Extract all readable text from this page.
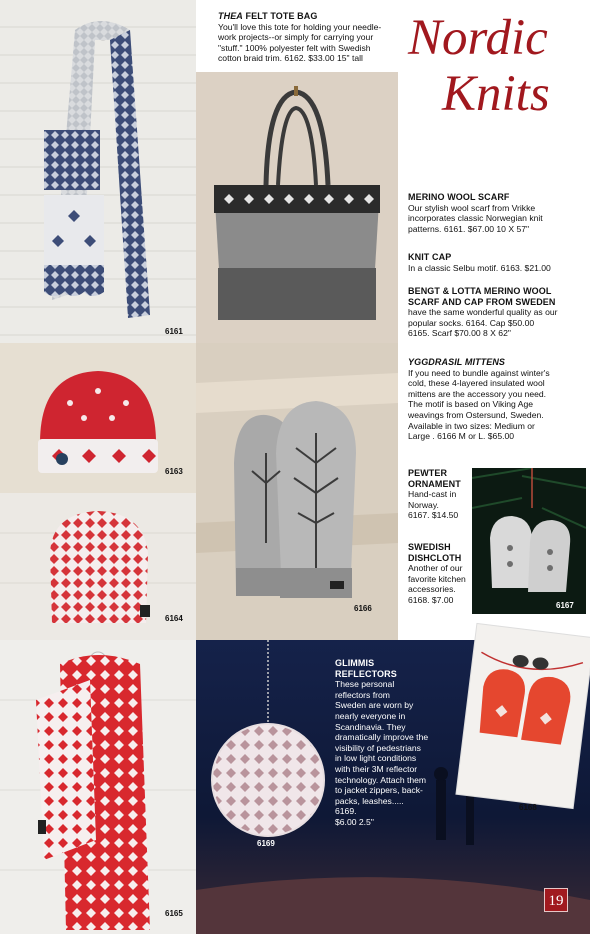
6161
THEA FELT TOTE BAG
You'll love this tote for holding your needle-
work projects--or simply for carrying your
"stuff." 100% polyester felt with Swedish
cotton braid trim. 6162. $33.00 15" tall Nordic
Knits
MERINO WOOL SCARF
Our stylish wool scarf from Vrikke
incorporates classic Norwegian knit
patterns. 6161. $67.00 10 X 57"
KNIT CAP
In a classic Selbu motif. 6163. $21.00
BENGT & LOTTA MERINO WOOL
SCARF AND CAP FROM SWEDEN
have the same wonderful quality as our
popular socks. 6164. Cap $50.00
6165. Scarf $70.00 8 X 62"
YGGDRASIL MITTENS
If you need to bundle against winter's
cold, these 4-layered insulated wool
mittens are the accessory you need.
The motif is based on Viking Age
weavings from Ostersund, Sweden.
Available in two sizes: Medium or
Large . 6166 M or L. $65.00
6163
6166
6164
PEWTER
ORNAMENT
Hand-cast in
Norway.
6167. $14.50
SWEDISH
DISHCLOTH
Another of our
favorite kitchen
accessories.
6168. $7.00
6167
6165
GLIMMIS
REFLECTORS
These personal
reflectors from
Sweden are worn by
nearly everyone in
Scandinavia. They
dramatically improve the
visibility of pedestrians
in low light conditions
with their 3M reflector
technology. Attach them
to jacket zippers, back-
packs, leashes.....
6169.
$6.00 2.5"
6169
6168
19
